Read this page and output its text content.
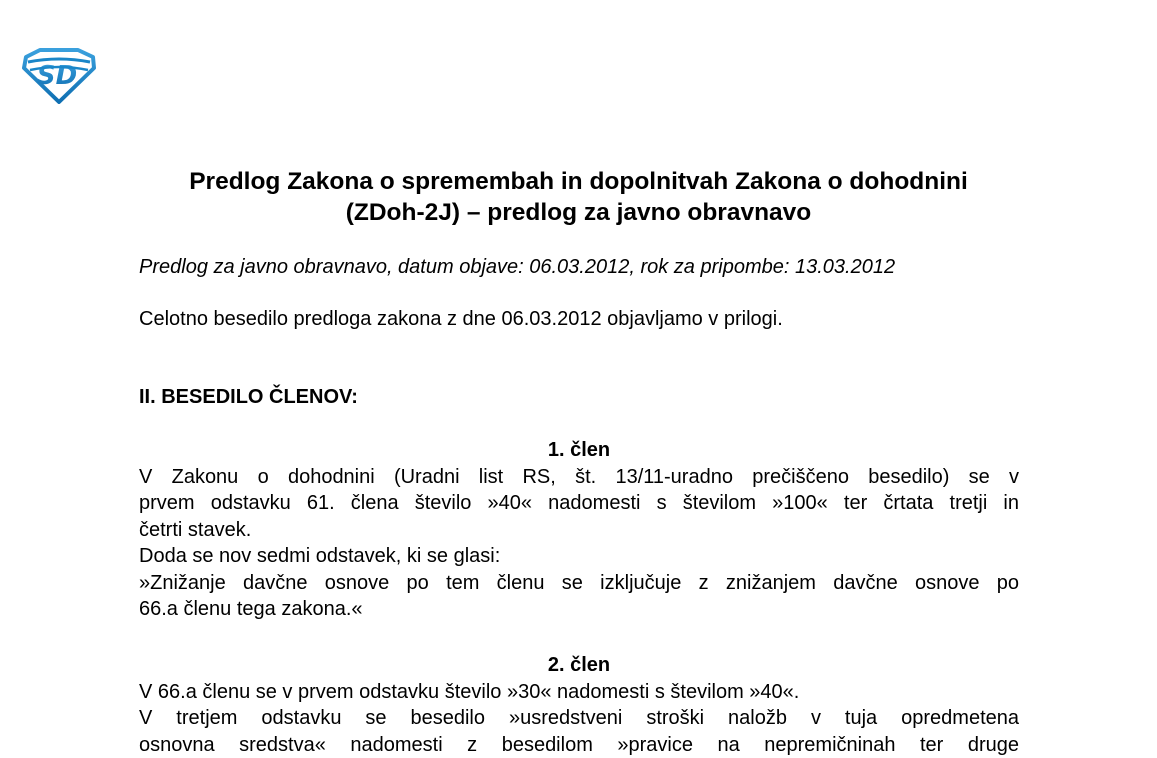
SD
Predlog Zakona o spremembah in dopolnitvah Zakona o dohodnini
(ZDoh-2J) – predlog za javno obravnavo
Predlog za javno obravnavo, datum objave: 06.03.2012, rok za pripombe: 13.03.2012
Celotno besedilo predloga zakona z dne 06.03.2012 objavljamo v prilogi.
II. BESEDILO ČLENOV:
1. člen
V Zakonu o dohodnini (Uradni list RS, št. 13/11-uradno prečiščeno besedilo) se v
prvem odstavku 61. člena število »40« nadomesti s številom »100« ter črtata tretji in
četrti stavek.
Doda se nov sedmi odstavek, ki se glasi:
»Znižanje davčne osnove po tem členu se izključuje z znižanjem davčne osnove po
66.a členu tega zakona.«
2. člen
V 66.a členu se v prvem odstavku število »30« nadomesti s številom »40«.
V tretjem odstavku se besedilo »usredstveni stroški naložb v tuja opredmetena
osnovna sredstva« nadomesti z besedilom »pravice na nepremičninah ter druge
